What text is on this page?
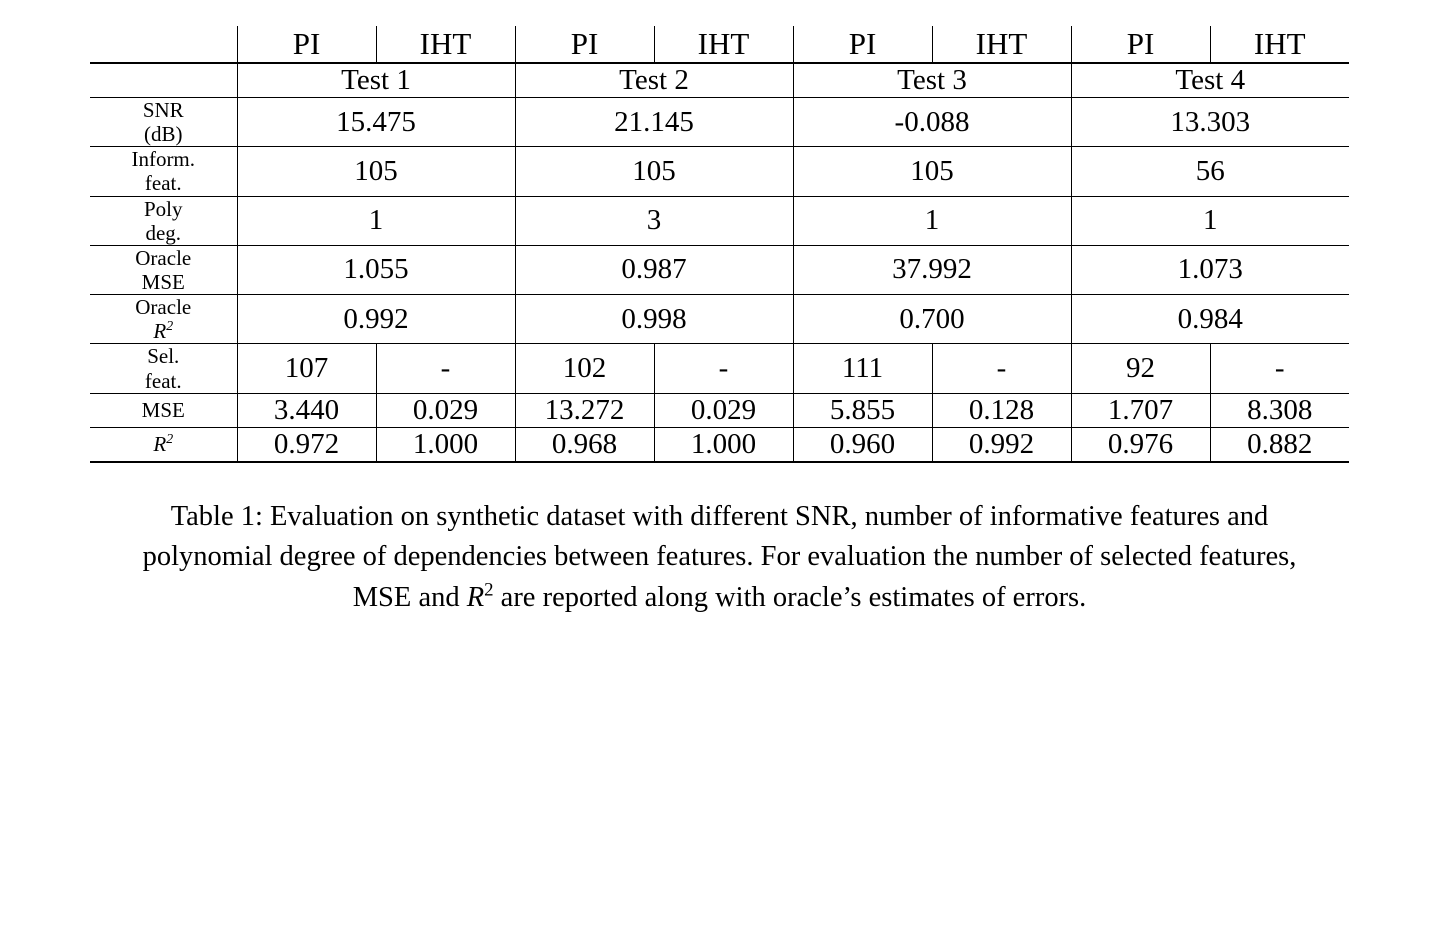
	PI	IHT	PI	IHT	PI	IHT	PI	IHT
	Test 1		Test 2		Test 3		Test 4	

SNR
(dB)	15.475		21.145		-0.088		13.303	

Inform.
feat.	105		105		105		56	

Poly
deg.	1		3		1		1	

Oracle
MSE	1.055		0.987		37.992		1.073	

Oracle
$R^2$	0.992		0.998		0.700		0.984	

Sel.
feat.	107	-	102	-	111	-	92	-
MSE	3.440	0.029	13.272	0.029	5.855	0.128	1.707	8.308
$R^2$	0.972	1.000	0.968	1.000	0.960	0.992	0.976	0.882
Table 1: Evaluation on synthetic dataset with different SNR, number of informative features and polynomial degree of dependencies between features. For evaluation the number of selected features, MSE and $R^2$ are reported along with oracle’s estimates of errors.
